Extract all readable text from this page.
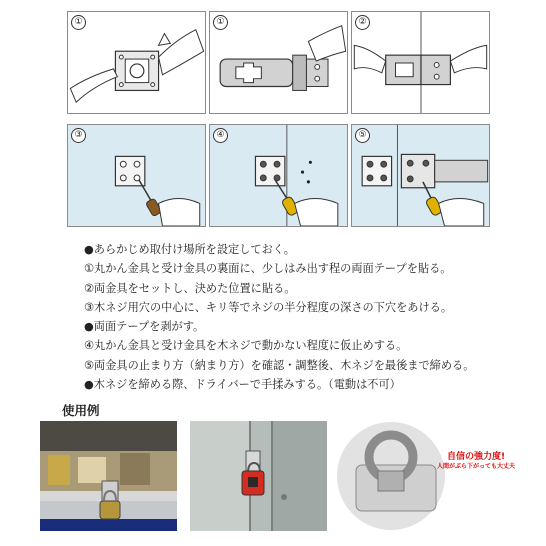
①	①	②
③	④	⑤
●あらかじめ取付け場所を設定しておく。
①丸かん金具と受け金具の裏面に、少しはみ出す程の両面テープを貼る。
②両金具をセットし、決めた位置に貼る。
③木ネジ用穴の中心に、キリ等でネジの半分程度の深さの下穴をあける。
●両面テープを剥がす。
④丸かん金具と受け金具を木ネジで動かない程度に仮止めする。
⑤両金具の止まり方（納まり方）を確認・調整後、木ネジを最後まで締める。
●木ネジを締める際、ドライバーで手揉みする。（電動は不可）
使用例
自信の強力度!
人間がぶら下がっても大丈夫
